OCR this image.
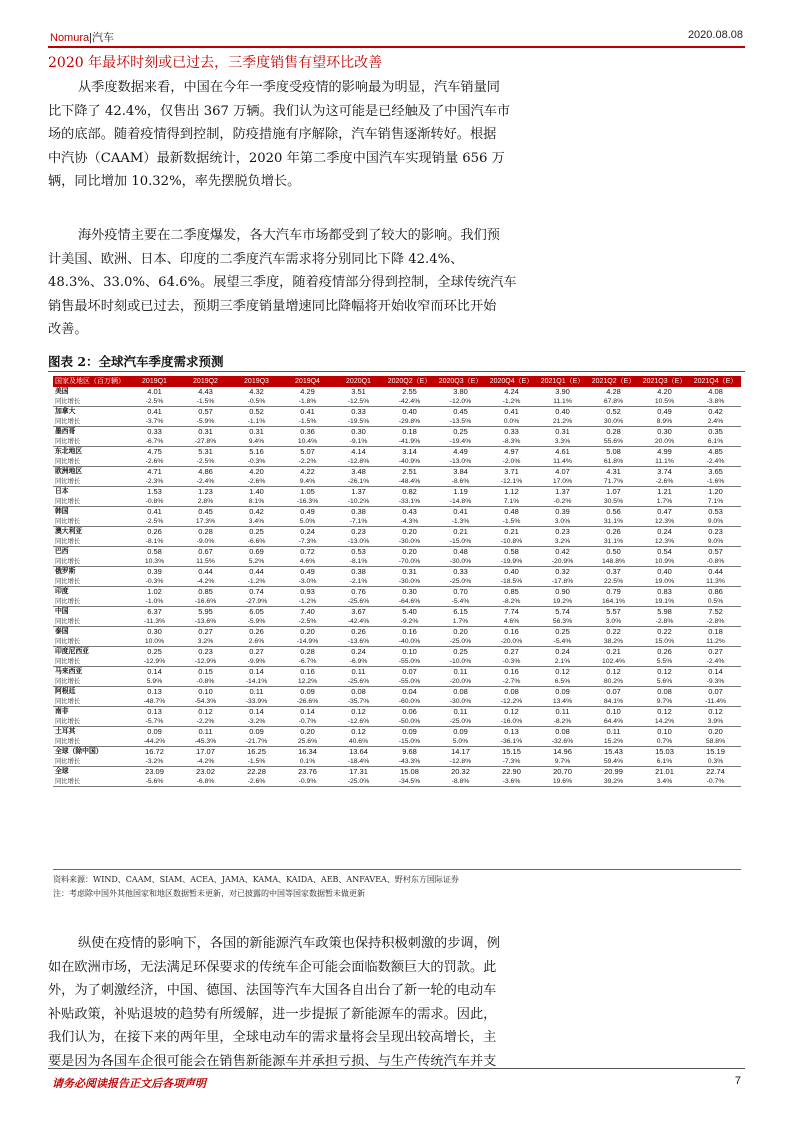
Nomura|汽车	2020.08.08
2020 年最坏时刻或已过去，三季度销售有望环比改善
从季度数据来看，中国在今年一季度受疫情的影响最为明显，汽车销量同
比下降了 42.4%，仅售出 367 万辆。我们认为这可能是已经触及了中国汽车市
场的底部。随着疫情得到控制，防疫措施有序解除，汽车销售逐渐转好。根据
中汽协（CAAM）最新数据统计，2020 年第二季度中国汽车实现销量 656 万
辆，同比增加 10.32%，率先摆脱负增长。
海外疫情主要在二季度爆发，各大汽车市场都受到了较大的影响。我们预
计美国、欧洲、日本、印度的二季度汽车需求将分别同比下降 42.4%、
48.3%、33.0%、64.6%。展望三季度，随着疫情部分得到控制，全球传统汽车
销售最坏时刻或已过去，预期三季度销量增速同比降幅将开始收窄而环比开始
改善。
图表 2：全球汽车季度需求预测
国家及地区（百万辆）	2019Q1	2019Q2	2019Q3	2019Q4	2020Q1	2020Q2（E）	2020Q3（E）	2020Q4（E）	2021Q1（E）	2021Q2（E）	2021Q3（E）	2021Q4（E）
美国	4.01	4.43	4.32	4.29	3.51	2.55	3.80	4.24	3.90	4.28	4.20	4.08
同比增长	-2.5%	-1.5%	-0.5%	-1.8%	-12.5%	-42.4%	-12.0%	-1.2%	11.1%	67.8%	10.5%	-3.8%
加拿大	0.41	0.57	0.52	0.41	0.33	0.40	0.45	0.41	0.40	0.52	0.49	0.42
同比增长	-3.7%	-5.9%	-1.1%	-1.5%	-19.5%	-29.8%	-13.5%	0.0%	21.2%	30.0%	8.9%	2.4%
墨西哥	0.33	0.31	0.31	0.36	0.30	0.18	0.25	0.33	0.31	0.28	0.30	0.35
同比增长	-6.7%	-27.8%	9.4%	10.4%	-9.1%	-41.9%	-19.4%	-8.3%	3.3%	55.6%	20.0%	6.1%
东北地区	4.75	5.31	5.16	5.07	4.14	3.14	4.49	4.97	4.61	5.08	4.99	4.85
同比增长	-2.6%	-2.5%	-0.3%	-2.2%	-12.8%	-40.9%	-13.0%	-2.0%	11.4%	61.8%	11.1%	-2.4%
欧洲地区	4.71	4.86	4.20	4.22	3.48	2.51	3.84	3.71	4.07	4.31	3.74	3.65
同比增长	-2.3%	-2.4%	-2.6%	9.4%	-26.1%	-48.4%	-8.6%	-12.1%	17.0%	71.7%	-2.6%	-1.6%
日本	1.53	1.23	1.40	1.05	1.37	0.82	1.19	1.12	1.37	1.07	1.21	1.20
同比增长	-0.8%	2.8%	8.1%	-16.3%	-10.2%	-33.1%	-14.8%	7.1%	-0.2%	30.5%	1.7%	7.1%
韩国	0.41	0.45	0.42	0.49	0.38	0.43	0.41	0.48	0.39	0.56	0.47	0.53
同比增长	-2.5%	17.3%	3.4%	5.0%	-7.1%	-4.3%	-1.3%	-1.5%	3.0%	31.1%	12.3%	9.0%
澳大利亚	0.26	0.28	0.25	0.24	0.23	0.20	0.21	0.21	0.23	0.26	0.24	0.23
同比增长	-8.1%	-9.0%	-6.6%	-7.3%	-13.0%	-30.0%	-15.0%	-10.8%	3.2%	31.1%	12.3%	9.0%
巴西	0.58	0.67	0.69	0.72	0.53	0.20	0.48	0.58	0.42	0.50	0.54	0.57
同比增长	10.3%	11.5%	5.2%	4.6%	-8.1%	-70.0%	-30.0%	-19.9%	-20.9%	148.8%	10.9%	-0.8%
俄罗斯	0.39	0.44	0.44	0.49	0.38	0.31	0.33	0.40	0.32	0.37	0.40	0.44
同比增长	-0.3%	-4.2%	-1.2%	-3.0%	-2.1%	-30.0%	-25.0%	-18.5%	-17.8%	22.5%	19.0%	11.3%
印度	1.02	0.85	0.74	0.93	0.76	0.30	0.70	0.85	0.90	0.79	0.83	0.86
同比增长	-1.0%	-16.6%	-27.9%	-1.2%	-25.6%	-64.6%	-5.4%	-8.2%	19.2%	164.1%	19.1%	0.5%
中国	6.37	5.95	6.05	7.40	3.67	5.40	6.15	7.74	5.74	5.57	5.98	7.52
同比增长	-11.3%	-13.6%	-5.9%	-2.5%	-42.4%	-9.2%	1.7%	4.6%	56.3%	3.0%	-2.8%	-2.8%
泰国	0.30	0.27	0.26	0.20	0.26	0.16	0.20	0.16	0.25	0.22	0.22	0.18
同比增长	10.0%	3.2%	2.6%	-14.9%	-13.6%	-40.0%	-25.0%	-20.0%	-5.4%	38.2%	15.0%	11.2%
印度尼西亚	0.25	0.23	0.27	0.28	0.24	0.10	0.25	0.27	0.24	0.21	0.26	0.27
同比增长	-12.9%	-12.9%	-9.9%	-6.7%	-6.9%	-55.0%	-10.0%	-0.3%	2.1%	102.4%	5.5%	-2.4%
马来西亚	0.14	0.15	0.14	0.16	0.11	0.07	0.11	0.16	0.12	0.12	0.12	0.14
同比增长	5.9%	-0.8%	-14.1%	12.2%	-25.6%	-55.0%	-20.0%	-2.7%	6.5%	80.2%	5.6%	-9.3%
阿根廷	0.13	0.10	0.11	0.09	0.08	0.04	0.08	0.08	0.09	0.07	0.08	0.07
同比增长	-48.7%	-54.3%	-33.9%	-26.6%	-35.7%	-60.0%	-30.0%	-12.2%	13.4%	84.1%	9.7%	-11.4%
南非	0.13	0.12	0.14	0.14	0.12	0.06	0.11	0.12	0.11	0.10	0.12	0.12
同比增长	-5.7%	-2.2%	-3.2%	-0.7%	-12.6%	-50.0%	-25.0%	-16.0%	-8.2%	64.4%	14.2%	3.9%
土耳其	0.09	0.11	0.09	0.20	0.12	0.09	0.09	0.13	0.08	0.11	0.10	0.20
同比增长	-44.2%	-45.3%	-21.7%	25.6%	40.6%	-15.0%	5.0%	-36.1%	-32.6%	15.2%	0.7%	58.8%
全球（除中国）	16.72	17.07	16.25	16.34	13.64	9.68	14.17	15.15	14.96	15.43	15.03	15.19
同比增长	-3.2%	-4.2%	-1.5%	0.1%	-18.4%	-43.3%	-12.8%	-7.3%	9.7%	59.4%	6.1%	0.3%
全球	23.09	23.02	22.28	23.76	17.31	15.08	20.32	22.90	20.70	20.99	21.01	22.74
同比增长	-5.6%	-6.8%	-2.6%	-0.9%	-25.0%	-34.5%	-8.8%	-3.6%	19.6%	39.2%	3.4%	-0.7%
资料来源：WIND、CAAM、SIAM、ACEA、JAMA、KAMA、KAIDA、AEB、ANFAVEA、野村东方国际证券
注：考虑除中国外其他国家和地区数据暂未更新，对已披露的中国等国家数据暂未做更新
纵使在疫情的影响下，各国的新能源汽车政策也保持积极刺激的步调，例
如在欧洲市场，无法满足环保要求的传统车企可能会面临数额巨大的罚款。此
外，为了刺激经济，中国、德国、法国等汽车大国各自出台了新一轮的电动车
补贴政策，补贴退坡的趋势有所缓解，进一步提振了新能源车的需求。因此，
我们认为，在接下来的两年里，全球电动车的需求量将会呈现出较高增长，主
要是因为各国车企很可能会在销售新能源车并承担亏损、与生产传统汽车并支
请务必阅读报告正文后各项声明	7
